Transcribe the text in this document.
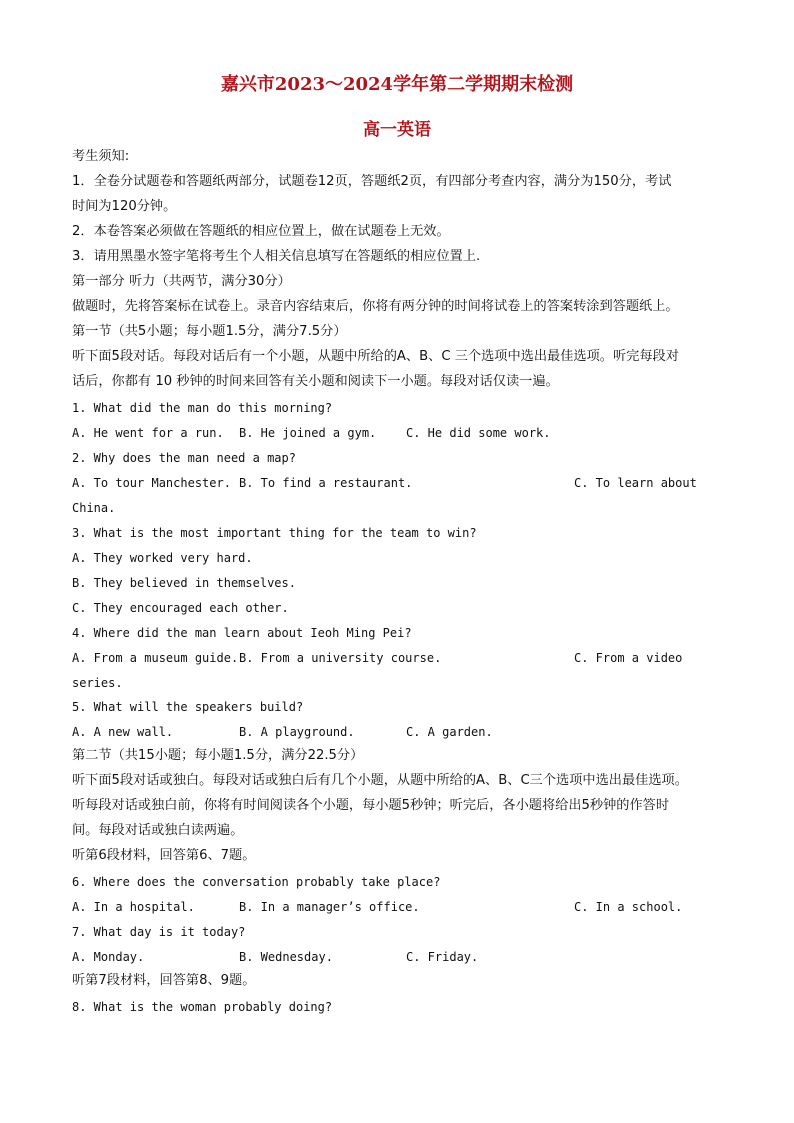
嘉兴市2023～2024学年第二学期期末检测
高一英语
考生须知:
1．全卷分试题卷和答题纸两部分，试题卷12页，答题纸2页，有四部分考查内容，满分为150分，考试
时间为120分钟。
2．本卷答案必须做在答题纸的相应位置上，做在试题卷上无效。
3．请用黑墨水签字笔将考生个人相关信息填写在答题纸的相应位置上.
第一部分 听力（共两节，满分30分）
做题时，先将答案标在试卷上。录音内容结束后，你将有两分钟的时间将试卷上的答案转涂到答题纸上。
第一节（共5小题；每小题1.5分，满分7.5分）
听下面5段对话。每段对话后有一个小题，从题中所给的A、B、C 三个选项中选出最佳选项。听完每段对
话后，你都有 10 秒钟的时间来回答有关小题和阅读下一小题。每段对话仅读一遍。
1. What did the man do this morning?
A. He went for a run. B. He joined a gym. C. He did some work.
2. Why does the man need a map?
A. To tour Manchester. B. To find a restaurant.	C. To learn about
China.
3. What is the most important thing for the team to win?
A. They worked very hard.
B. They believed in themselves.
C. They encouraged each other.
4. Where did the man learn about Ieoh Ming Pei?
A. From a museum guide. B. From a university course.	C. From a video
series.
5. What will the speakers build?
A. A new wall.	B. A playground.	C. A garden.
第二节（共15小题；每小题1.5分，满分22.5分）
听下面5段对话或独白。每段对话或独白后有几个小题，从题中所给的A、B、C三个选项中选出最佳选项。
听每段对话或独白前，你将有时间阅读各个小题，每小题5秒钟；听完后，各小题将给出5秒钟的作答时
间。每段对话或独白读两遍。
听第6段材料，回答第6、7题。
6. Where does the conversation probably take place?
A. In a hospital.	B. In a manager’s office.	C. In a school.
7. What day is it today?
A. Monday.	B. Wednesday.	C. Friday.
听第7段材料，回答第8、9题。
8. What is the woman probably doing?
